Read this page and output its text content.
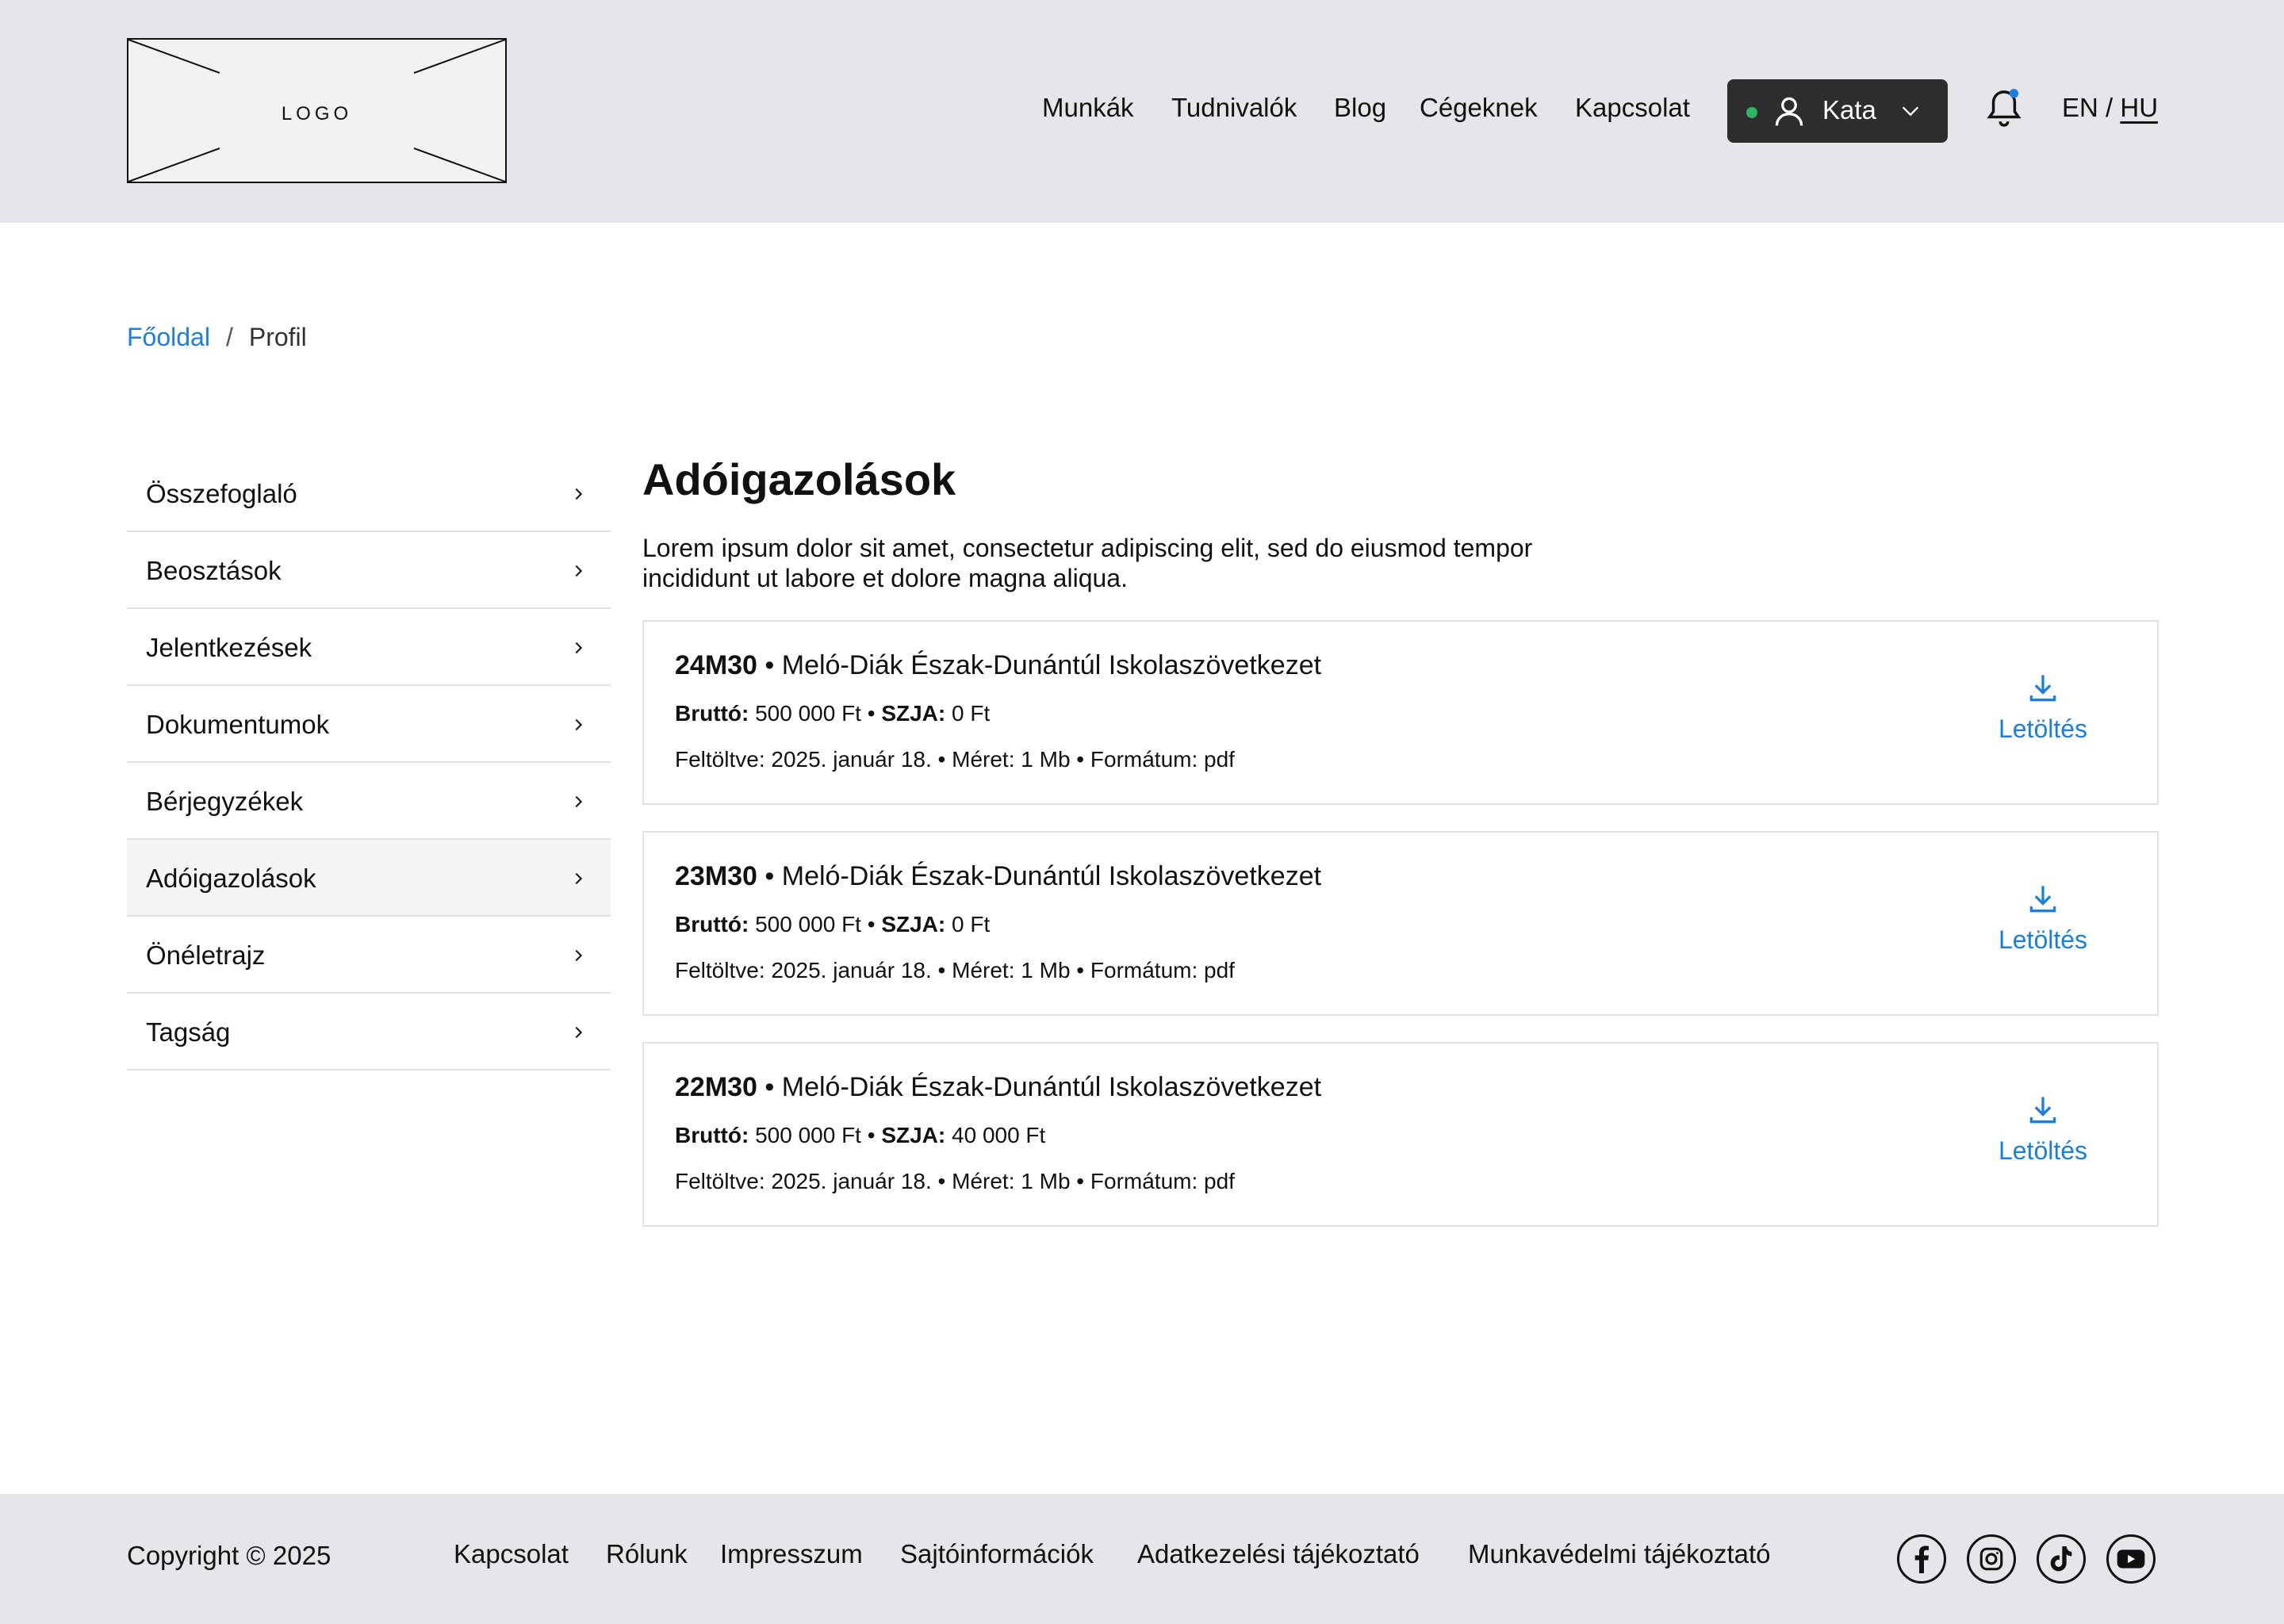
LOGO	Munkák Tudnivalók Blog Cégeknek Kapcsolat	Kata	EN / HU
Főoldal / Profil
Összefoglaló
Beosztások
Jelentkezések
Dokumentumok
Bérjegyzékek
Adóigazolások
Önéletrajz
Tagság
Adóigazolások
Lorem ipsum dolor sit amet, consectetur adipiscing elit, sed do eiusmod tempor incididunt ut labore et dolore magna aliqua.
24M30 • Meló-Diák Észak-Dunántúl Iskolaszövetkezet
Bruttó: 500 000 Ft • SZJA: 0 Ft
Feltöltve: 2025. január 18. • Méret: 1 Mb • Formátum: pdf
Letöltés
23M30 • Meló-Diák Észak-Dunántúl Iskolaszövetkezet
Bruttó: 500 000 Ft • SZJA: 0 Ft
Feltöltve: 2025. január 18. • Méret: 1 Mb • Formátum: pdf
Letöltés
22M30 • Meló-Diák Észak-Dunántúl Iskolaszövetkezet
Bruttó: 500 000 Ft • SZJA: 40 000 Ft
Feltöltve: 2025. január 18. • Méret: 1 Mb • Formátum: pdf
Letöltés
Copyright © 2025	Kapcsolat Rólunk Impresszum Sajtóinformációk Adatkezelési tájékoztató Munkavédelmi tájékoztató
